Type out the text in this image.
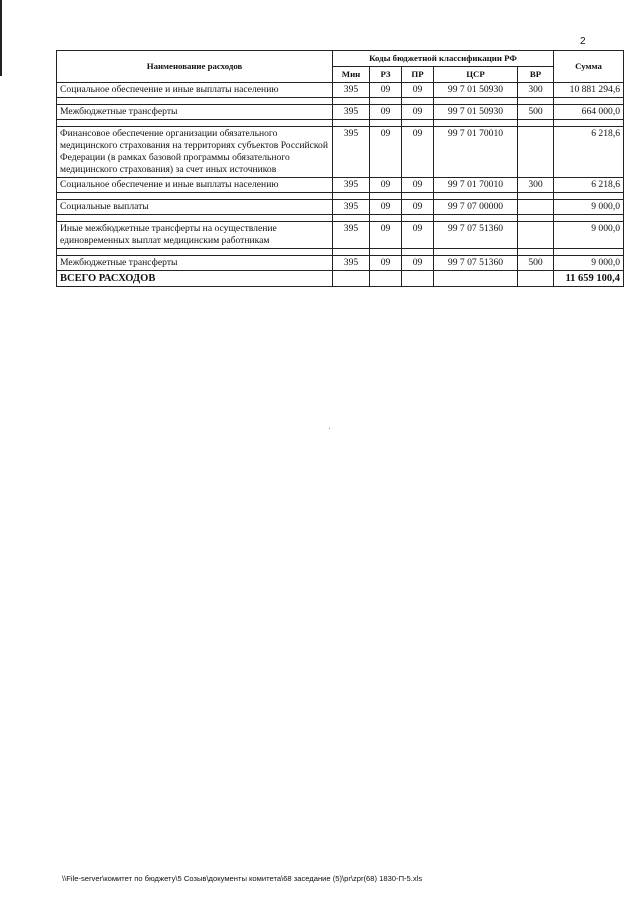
2
Наименование расходов	Коды бюджетной классификации РФ					Сумма
	Мин	РЗ	ПР	ЦСР	ВР	
Социальное обеспечение и иные выплаты населению	395	09	09	99 7 01 50930	300	10 881 294,6

Межбюджетные трансферты	395	09	09	99 7 01 50930	500	664 000,0

Финансовое обеспечение организации обязательного медицинского страхования на территориях субъектов Российской Федерации (в рамках базовой программы обязательного медицинского страхования) за счет иных источников	395	09	09	99 7 01 70010		6 218,6
Социальное обеспечение и иные выплаты населению	395	09	09	99 7 01 70010	300	6 218,6

Социальные выплаты	395	09	09	99 7 07 00000		9 000,0

Иные межбюджетные трансферты на осуществление единовременных выплат медицинским работникам	395	09	09	99 7 07 51360		9 000,0

Межбюджетные трансферты	395	09	09	99 7 07 51360	500	9 000,0
ВСЕГО РАСХОДОВ						11 659 100,4
\\File-server\комитет по бюджету\5 Созыв\документы комитета\68 заседание (5)\pr\zpr(68) 1830-П-5.xls
